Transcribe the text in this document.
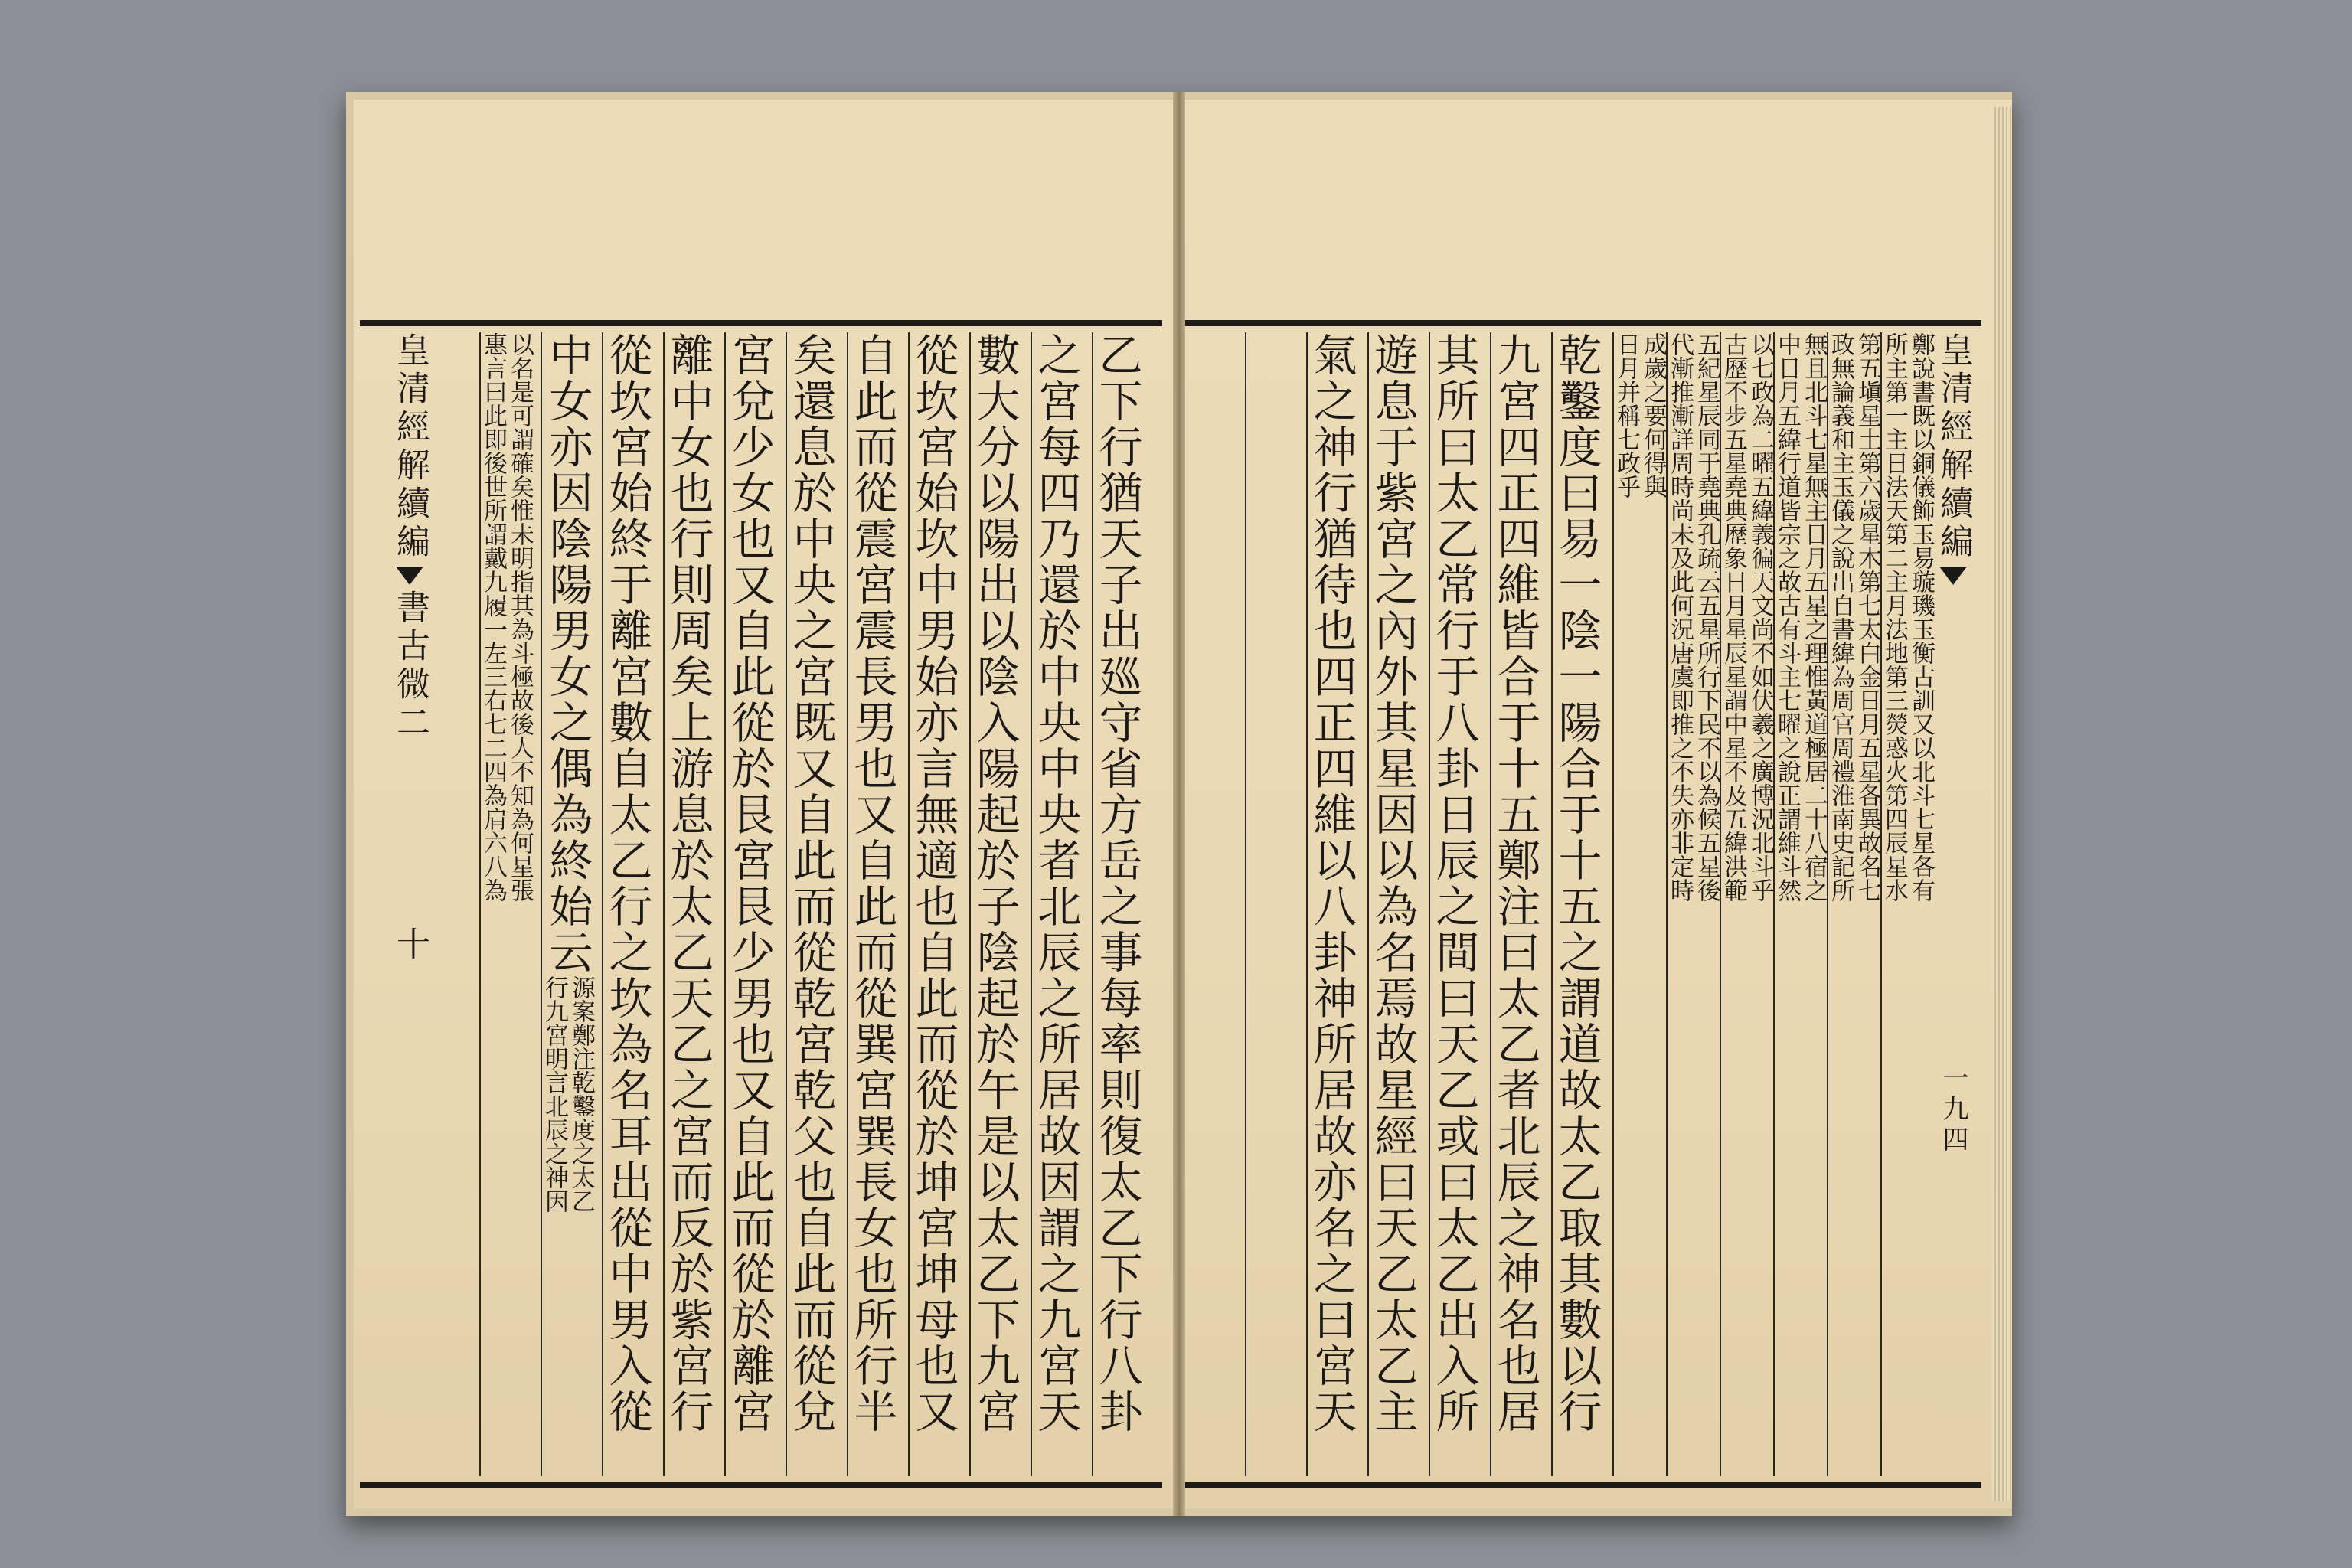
乙下行猶天子出廵守省方岳之事每率則復太乙下行八卦
之宮每四乃還於中央中央者北辰之所居故因謂之九宮天
數大分以陽出以陰入陽起於子陰起於午是以太乙下九宮
從坎宮始坎中男始亦言無適也自此而從於坤宮坤母也又
自此而從震宮震長男也又自此而從巽宮巽長女也所行半
矣還息於中央之宮既又自此而從乾宮乾父也自此而從兌
宮兌少女也又自此從於艮宮艮少男也又自此而從於離宮
離中女也行則周矣上游息於太乙天乙之宮而反於紫宮行
從坎宮始終于離宮數自太乙行之坎為名耳出從中男入從
中女亦因陰陽男女之偶為終始云
源案鄭注乾鑿度之太乙
行九宮明言北辰之神因
以名是可謂確矣惟未明指其為斗極故後人不知為何星張
惠言曰此即後世所謂戴九履一左三右七二四為肩六八為
皇清經解續編
書古微二
十
皇清經解續編
一九四
鄭說書既以銅儀飾玉易璇璣玉衡古訓又以北斗七星各有
所主第一主日法天第二主月法地第三熒惑火第四辰星水
第五塡星土第六歲星木第七太白金日月五星各異故名七
政無論義和主玉儀之說出自書緯為周官周禮淮南史記所
無且北斗七星無主日月五星之理惟黃道極居二十八宿之
中日月五緯行道皆宗之故古有斗主七曜之說正謂維斗然
以七政為二曜五緯義徧天文尚不如伏羲之廣博況北斗乎
古歷不步五星堯典歷象日月星辰星謂中星不及五緯洪範
五紀星辰同于堯典孔疏云五星所行下民不以為候五星後
代漸推漸詳周時尚未及此何況唐虞即推之不失亦非定時
成歲之要何得與
日月并稱七政乎
乾鑿度曰易一陰一陽合于十五之謂道故太乙取其數以行
九宮四正四維皆合于十五鄭注曰太乙者北辰之神名也居
其所曰太乙常行于八卦日辰之間曰天乙或曰太乙出入所
遊息于紫宮之內外其星因以為名焉故星經曰天乙太乙主
氣之神行猶待也四正四維以八卦神所居故亦名之曰宮天
